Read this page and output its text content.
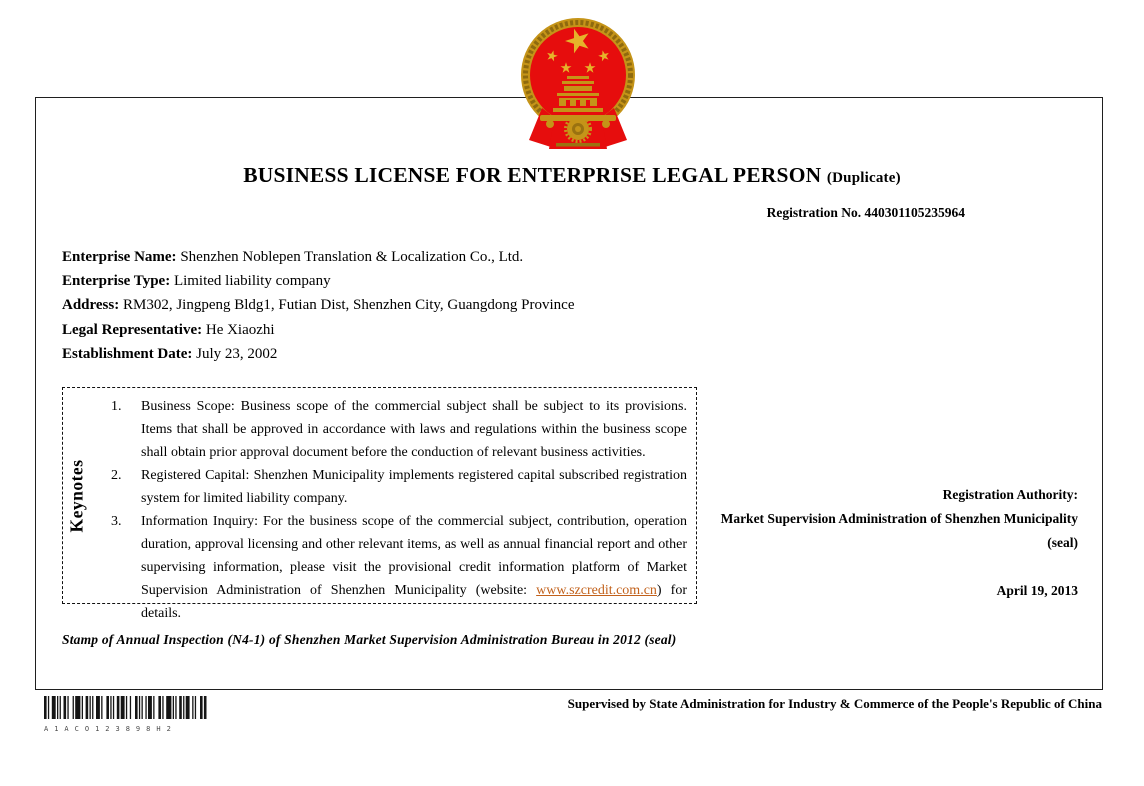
BUSINESS LICENSE FOR ENTERPRISE LEGAL PERSON (Duplicate)
Registration No. 440301105235964
Enterprise Name: Shenzhen Noblepen Translation & Localization Co., Ltd.
Enterprise Type: Limited liability company
Address: RM302, Jingpeng Bldg1, Futian Dist, Shenzhen City, Guangdong Province
Legal Representative: He Xiaozhi
Establishment Date: July 23, 2002
Keynotes
1. Business Scope: Business scope of the commercial subject shall be subject to its provisions. Items that shall be approved in accordance with laws and regulations within the business scope shall obtain prior approval document before the conduction of relevant business activities.
2. Registered Capital: Shenzhen Municipality implements registered capital subscribed registration system for limited liability company.
3. Information Inquiry: For the business scope of the commercial subject, contribution, operation duration, approval licensing and other relevant items, as well as annual financial report and other supervising information, please visit the provisional credit information platform of Market Supervision Administration of Shenzhen Municipality (website: www.szcredit.com.cn) for details.
Registration Authority:
Market Supervision Administration of Shenzhen Municipality
(seal)
April 19, 2013
Stamp of Annual Inspection (N4-1) of Shenzhen Market Supervision Administration Bureau in 2012 (seal)
A1ACO123898H2
Supervised by State Administration for Industry & Commerce of the People's Republic of China
